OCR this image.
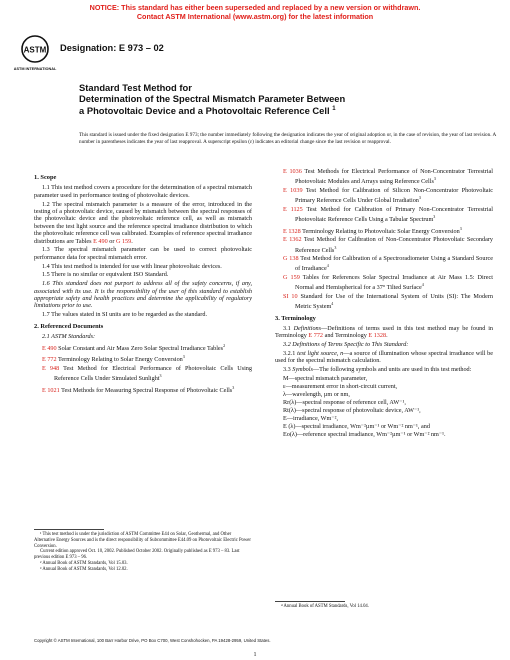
NOTICE: This standard has either been superseded and replaced by a new version or withdrawn.
Contact ASTM International (www.astm.org) for the latest information
ASTM
ASTM INTERNATIONAL
Designation: E 973 – 02
Standard Test Method for
Determination of the Spectral Mismatch Parameter Between
a Photovoltaic Device and a Photovoltaic Reference Cell $^1$
This standard is issued under the fixed designation E 973; the number immediately following the designation indicates the year of original adoption or, in the case of revision, the year of last revision. A number in parentheses indicates the year of last reapproval. A superscript epsilon (ε) indicates an editorial change since the last revision or reapproval.
1. Scope

1.1 This test method covers a procedure for the determination of a spectral mismatch parameter used in performance testing of photovoltaic devices.

1.2 The spectral mismatch parameter is a measure of the error, introduced in the testing of a photovoltaic device, caused by mismatch between the spectral responses of the photovoltaic device and the photovoltaic reference cell, as well as mismatch between the test light source and the reference spectral irradiance distribution to which the photovoltaic reference cell was calibrated. Examples of reference spectral irradiance distributions are Tables E 490 or G 159.

1.3 The spectral mismatch parameter can be used to correct photovoltaic performance data for spectral mismatch error.

1.4 This test method is intended for use with linear photovoltaic devices.

1.5 There is no similar or equivalent ISO Standard.

1.6 This standard does not purport to address all of the safety concerns, if any, associated with its use. It is the responsibility of the user of this standard to establish appropriate safety and health practices and determine the applicability of regulatory limitations prior to use.

1.7 The values stated in SI units are to be regarded as the standard.

2. Referenced Documents

2.1 ASTM Standards:

E 490 Solar Constant and Air Mass Zero Solar Spectral Irradiance Tables$^2$

E 772 Terminology Relating to Solar Energy Conversion$^3$

E 948 Test Method for Electrical Performance of Photovoltaic Cells Using Reference Cells Under Simulated Sunlight$^3$

E 1021 Test Methods for Measuring Spectral Response of Photovoltaic Cells$^3$

E 1036 Test Methods for Electrical Performance of Non-Concentrator Terrestrial Photovoltaic Modules and Arrays using Reference Cells$^3$

E 1039 Test Method for Calibration of Silicon Non-Concentrator Photovoltaic Primary Reference Cells Under Global Irradiation$^3$

E 1125 Test Method for Calibration of Primary Non-Concentrator Terrestrial Photovoltaic Reference Cells Using a Tabular Spectrum$^3$

E 1328 Terminology Relating to Photovoltaic Solar Energy Conversion$^3$

E 1362 Test Method for Calibration of Non-Concentrator Photovoltaic Secondary Reference Cells$^3$

G 138 Test Method for Calibration of a Spectroradiometer Using a Standard Source of Irradiance$^4$

G 159 Tables for References Solar Spectral Irradiance at Air Mass 1.5: Direct Normal and Hemispherical for a 37° Tilted Surface$^4$

SI 10 Standard for Use of the International System of Units (SI): The Modern Metric System$^4$

3. Terminology

3.1 Definitions—Definitions of terms used in this test method may be found in Terminology E 772 and Terminology E 1328.

3.2 Definitions of Terms Specific to This Standard:

3.2.1 test light source, n—a source of illumination whose spectral irradiance will be used for the spectral mismatch calculation.

3.3 Symbols—The following symbols and units are used in this test method:

M—spectral mismatch parameter,

ε—measurement error in short-circuit current,

λ—wavelength, µm or nm,

Rr(λ)—spectral response of reference cell, AW⁻¹,

Rt(λ)—spectral response of photovoltaic device, AW⁻¹,

E—irradiance, Wm⁻²,

E (λ)—spectral irradiance, Wm⁻²µm⁻¹ or Wm⁻² nm⁻¹, and

Eo(λ)—reference spectral irradiance, Wm⁻²µm⁻¹ or Wm⁻² nm⁻¹.

¹ This test method is under the jurisdiction of ASTM Committee E44 on Solar, Geothermal, and Other Alternative Energy Sources and is the direct responsibility of Subcommittee E44.09 on Photovoltaic Electric Power Conversion.
Current edition approved Oct. 10, 2002. Published October 2002. Originally published as E 973 – 83. Last previous edition E 973 – 96.
² Annual Book of ASTM Standards, Vol 15.03.
³ Annual Book of ASTM Standards, Vol 12.02.
⁴ Annual Book of ASTM Standards, Vol 14.04.
Copyright © ASTM International, 100 Barr Harbor Drive, PO Box C700, West Conshohocken, PA 19428-2959, United States.
1
